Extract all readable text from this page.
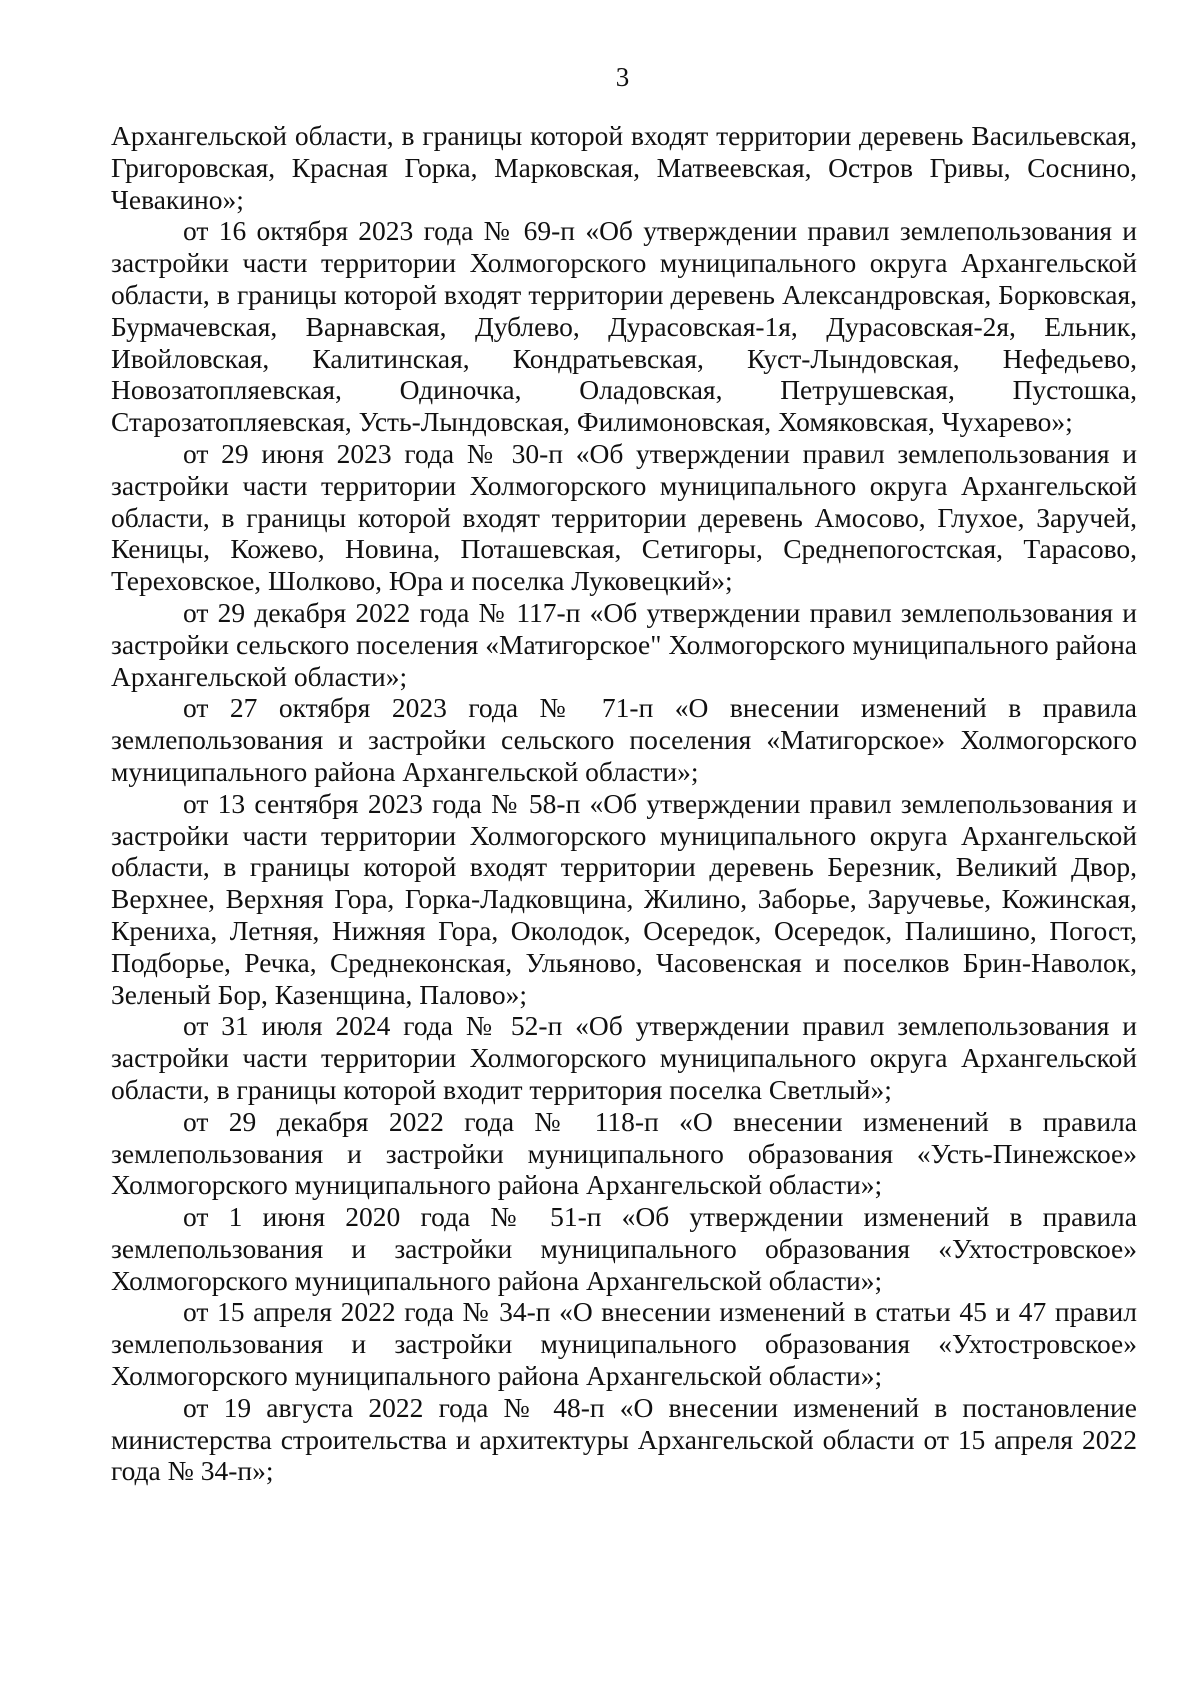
3

Архангельской области, в границы которой входят территории деревень Васильевская, Григоровская, Красная Горка, Марковская, Матвеевская, Остров Гривы, Соснино, Чевакино»;

от 16 октября 2023 года № 69-п «Об утверждении правил землепользования и застройки части территории Холмогорского муниципального округа Архангельской области, в границы которой входят территории деревень Александровская, Борковская, Бурмачевская, Варнавская, Дублево, Дурасовская-1я, Дурасовская-2я, Ельник, Ивойловская, Калитинская, Кондратьевская, Куст-Лындовская, Нефедьево, Новозатопляевская, Одиночка, Оладовская, Петрушевская, Пустошка, Старозатопляевская, Усть-Лындовская, Филимоновская, Хомяковская, Чухарево»;

от 29 июня 2023 года № 30-п «Об утверждении правил землепользования и застройки части территории Холмогорского муниципального округа Архангельской области, в границы которой входят территории деревень Амосово, Глухое, Заручей, Кеницы, Кожево, Новина, Поташевская, Сетигоры, Среднепогостская, Тарасово, Тереховское, Шолково, Юра и поселка Луковецкий»;

от 29 декабря 2022 года № 117-п «Об утверждении правил землепользования и застройки сельского поселения «Матигорское" Холмогорского муниципального района Архангельской области»;

от 27 октября 2023 года № 71-п «О внесении изменений в правила землепользования и застройки сельского поселения «Матигорское» Холмогорского муниципального района Архангельской области»;

от 13 сентября 2023 года № 58-п «Об утверждении правил землепользования и застройки части территории Холмогорского муниципального округа Архангельской области, в границы которой входят территории деревень Березник, Великий Двор, Верхнее, Верхняя Гора, Горка-Ладковщина, Жилино, Заборье, Заручевье, Кожинская, Крениха, Летняя, Нижняя Гора, Околодок, Осередок, Осередок, Палишино, Погост, Подборье, Речка, Среднеконская, Ульяново, Часовенская и поселков Брин-Наволок, Зеленый Бор, Казенщина, Палово»;

от 31 июля 2024 года № 52-п «Об утверждении правил землепользования и застройки части территории Холмогорского муниципального округа Архангельской области, в границы которой входит территория поселка Светлый»;

от 29 декабря 2022 года № 118-п «О внесении изменений в правила землепользования и застройки муниципального образования «Усть-Пинежское» Холмогорского муниципального района Архангельской области»;

от 1 июня 2020 года № 51-п «Об утверждении изменений в правила землепользования и застройки муниципального образования «Ухтостровское» Холмогорского муниципального района Архангельской области»;

от 15 апреля 2022 года № 34-п «О внесении изменений в статьи 45 и 47 правил землепользования и застройки муниципального образования «Ухтостровское» Холмогорского муниципального района Архангельской области»;

от 19 августа 2022 года № 48-п «О внесении изменений в постановление министерства строительства и архитектуры Архангельской области от 15 апреля 2022 года № 34-п»;
